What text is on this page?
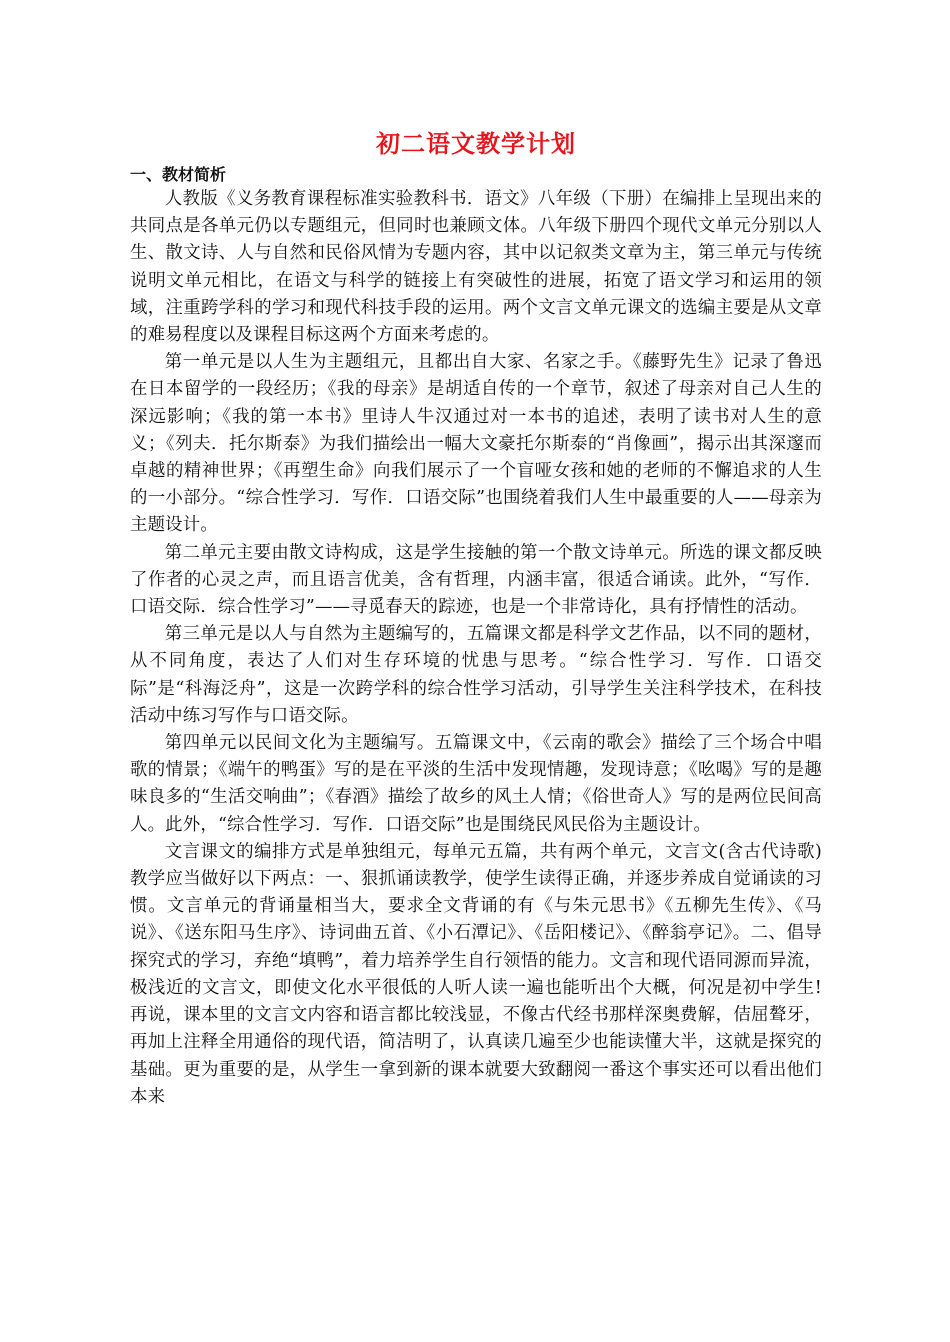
初二语文教学计划
一、教材简析

人教版《义务教育课程标准实验教科书．语文》八年级（下册）在编排上呈现出来的共同点是各单元仍以专题组元，但同时也兼顾文体。八年级下册四个现代文单元分别以人生、散文诗、人与自然和民俗风情为专题内容，其中以记叙类文章为主，第三单元与传统说明文单元相比，在语文与科学的链接上有突破性的进展，拓宽了语文学习和运用的领域，注重跨学科的学习和现代科技手段的运用。两个文言文单元课文的选编主要是从文章的难易程度以及课程目标这两个方面来考虑的。

第一单元是以人生为主题组元，且都出自大家、名家之手。《藤野先生》记录了鲁迅在日本留学的一段经历；《我的母亲》是胡适自传的一个章节，叙述了母亲对自己人生的深远影响；《我的第一本书》里诗人牛汉通过对一本书的追述，表明了读书对人生的意义；《列夫．托尔斯泰》为我们描绘出一幅大文豪托尔斯泰的“肖像画”，揭示出其深邃而卓越的精神世界；《再塑生命》向我们展示了一个盲哑女孩和她的老师的不懈追求的人生的一小部分。“综合性学习．写作．口语交际”也围绕着我们人生中最重要的人——母亲为主题设计。

第二单元主要由散文诗构成，这是学生接触的第一个散文诗单元。所选的课文都反映了作者的心灵之声，而且语言优美，含有哲理，内涵丰富，很适合诵读。此外，“写作．口语交际．综合性学习”——寻觅春天的踪迹，也是一个非常诗化，具有抒情性的活动。

第三单元是以人与自然为主题编写的，五篇课文都是科学文艺作品，以不同的题材，从不同角度，表达了人们对生存环境的忧患与思考。“综合性学习．写作．口语交际”是“科海泛舟”，这是一次跨学科的综合性学习活动，引导学生关注科学技术，在科技活动中练习写作与口语交际。

第四单元以民间文化为主题编写。五篇课文中，《云南的歌会》描绘了三个场合中唱歌的情景；《端午的鸭蛋》写的是在平淡的生活中发现情趣，发现诗意；《吆喝》写的是趣味良多的“生活交响曲”；《春酒》描绘了故乡的风土人情；《俗世奇人》写的是两位民间高人。此外，“综合性学习．写作．口语交际”也是围绕民风民俗为主题设计。

文言课文的编排方式是单独组元，每单元五篇，共有两个单元，文言文(含古代诗歌)教学应当做好以下两点：一、狠抓诵读教学，使学生读得正确，并逐步养成自觉诵读的习惯。文言单元的背诵量相当大，要求全文背诵的有《与朱元思书》《五柳先生传》、《马说》、《送东阳马生序》、诗词曲五首、《小石潭记》、《岳阳楼记》、《醉翁亭记》。二、倡导探究式的学习，弃绝“填鸭”，着力培养学生自行领悟的能力。文言和现代语同源而异流，极浅近的文言文，即使文化水平很低的人听人读一遍也能听出个大概，何况是初中学生!再说，课本里的文言文内容和语言都比较浅显，不像古代经书那样深奥费解，佶屈聱牙，再加上注释全用通俗的现代语，简洁明了，认真读几遍至少也能读懂大半，这就是探究的基础。更为重要的是，从学生一拿到新的课本就要大致翻阅一番这个事实还可以看出他们本来
